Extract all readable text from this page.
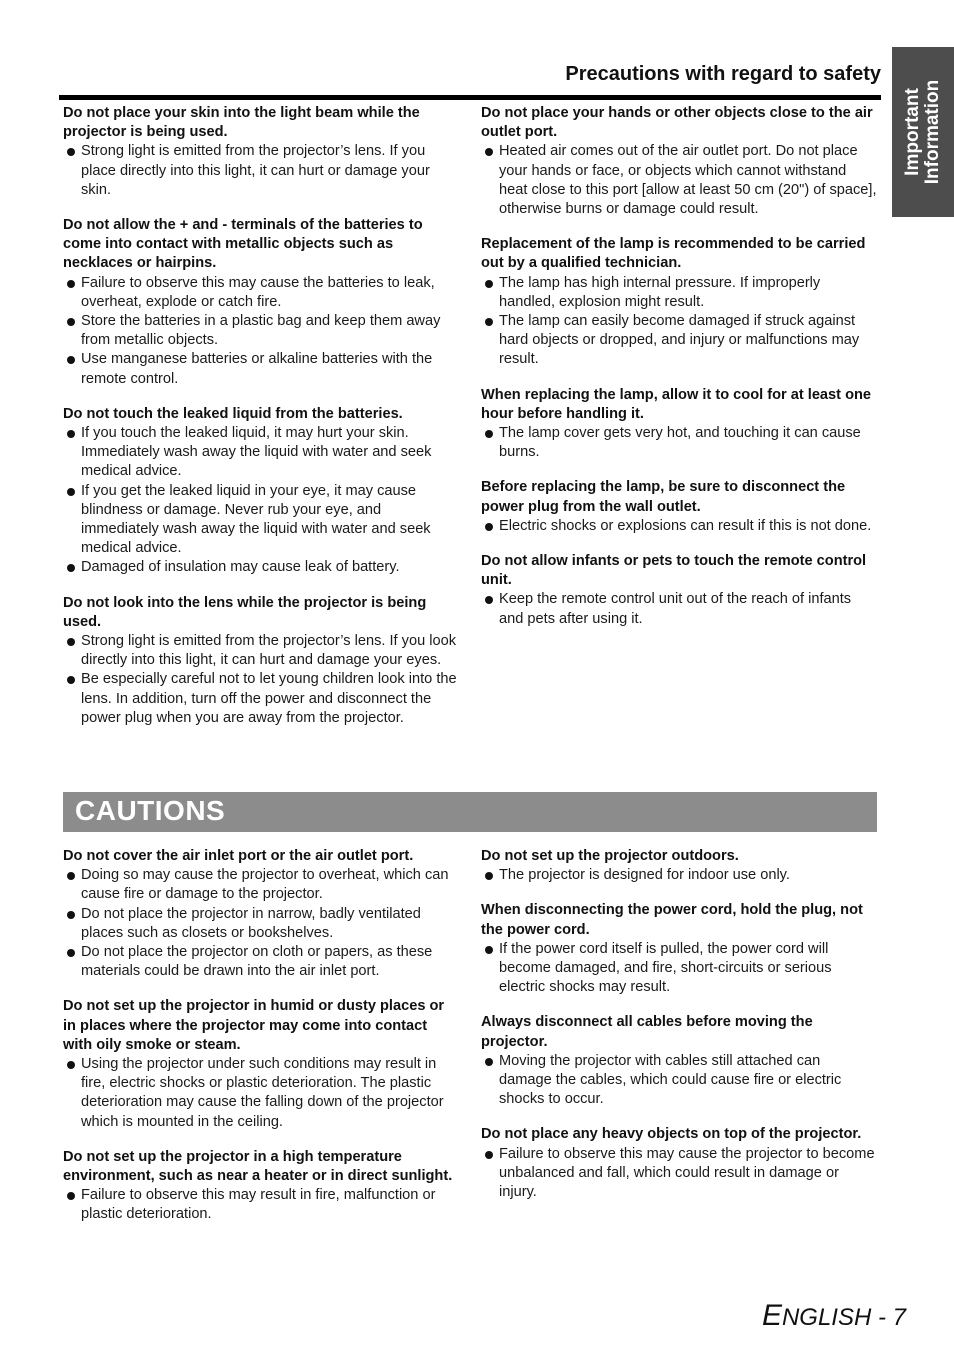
Important Information
Precautions with regard to safety
Do not place your skin into the light beam while the projector is being used.
Strong light is emitted from the projector’s lens. If you place directly into this light, it can hurt or damage your skin.
Do not allow the + and - terminals of the batteries to come into contact with metallic objects such as necklaces or hairpins.
Failure to observe this may cause the batteries to leak, overheat, explode or catch fire.
Store the batteries in a plastic bag and keep them away from metallic objects.
Use manganese batteries or alkaline batteries with the remote control.
Do not touch the leaked liquid from the batteries.
If you touch the leaked liquid, it may hurt your skin. Immediately wash away the liquid with water and seek medical advice.
If you get the leaked liquid in your eye, it may cause blindness or damage. Never rub your eye, and immediately wash away the liquid with water and seek medical advice.
Damaged of insulation may cause leak of battery.
Do not look into the lens while the projector is being used.
Strong light is emitted from the projector’s lens. If you look directly into this light, it can hurt and damage your eyes.
Be especially careful not to let young children look into the lens. In addition, turn off the power and disconnect the power plug when you are away from the projector.
Do not place your hands or other objects close to the air outlet port.
Heated air comes out of the air outlet port. Do not place your hands or face, or objects which cannot withstand heat close to this port [allow at least 50 cm (20") of space], otherwise burns or damage could result.
Replacement of the lamp is recommended to be carried out by a qualified technician.
The lamp has high internal pressure. If improperly handled, explosion might result.
The lamp can easily become damaged if struck against hard objects or dropped, and injury or malfunctions may result.
When replacing the lamp, allow it to cool for at least one hour before handling it.
The lamp cover gets very hot, and touching it can cause burns.
Before replacing the lamp, be sure to disconnect the power plug from the wall outlet.
Electric shocks or explosions can result if this is not done.
Do not allow infants or pets to touch the remote control unit.
Keep the remote control unit out of the reach of infants and pets after using it.
CAUTIONS
Do not cover the air inlet port or the air outlet port.
Doing so may cause the projector to overheat, which can cause fire or damage to the projector.
Do not place the projector in narrow, badly ventilated places such as closets or bookshelves.
Do not place the projector on cloth or papers, as these materials could be drawn into the air inlet port.
Do not set up the projector in humid or dusty places or in places where the projector may come into contact with oily smoke or steam.
Using the projector under such conditions may result in fire, electric shocks or plastic deterioration. The plastic deterioration may cause the falling down of the projector which is mounted in the ceiling.
Do not set up the projector in a high temperature environment, such as near a heater or in direct sunlight.
Failure to observe this may result in fire, malfunction or plastic deterioration.
Do not set up the projector outdoors.
The projector is designed for indoor use only.
When disconnecting the power cord, hold the plug, not the power cord.
If the power cord itself is pulled, the power cord will become damaged, and fire, short-circuits or serious electric shocks may result.
Always disconnect all cables before moving the projector.
Moving the projector with cables still attached can damage the cables, which could cause fire or electric shocks to occur.
Do not place any heavy objects on top of the projector.
Failure to observe this may cause the projector to become unbalanced and fall, which could result in damage or injury.
ENGLISH - 7
